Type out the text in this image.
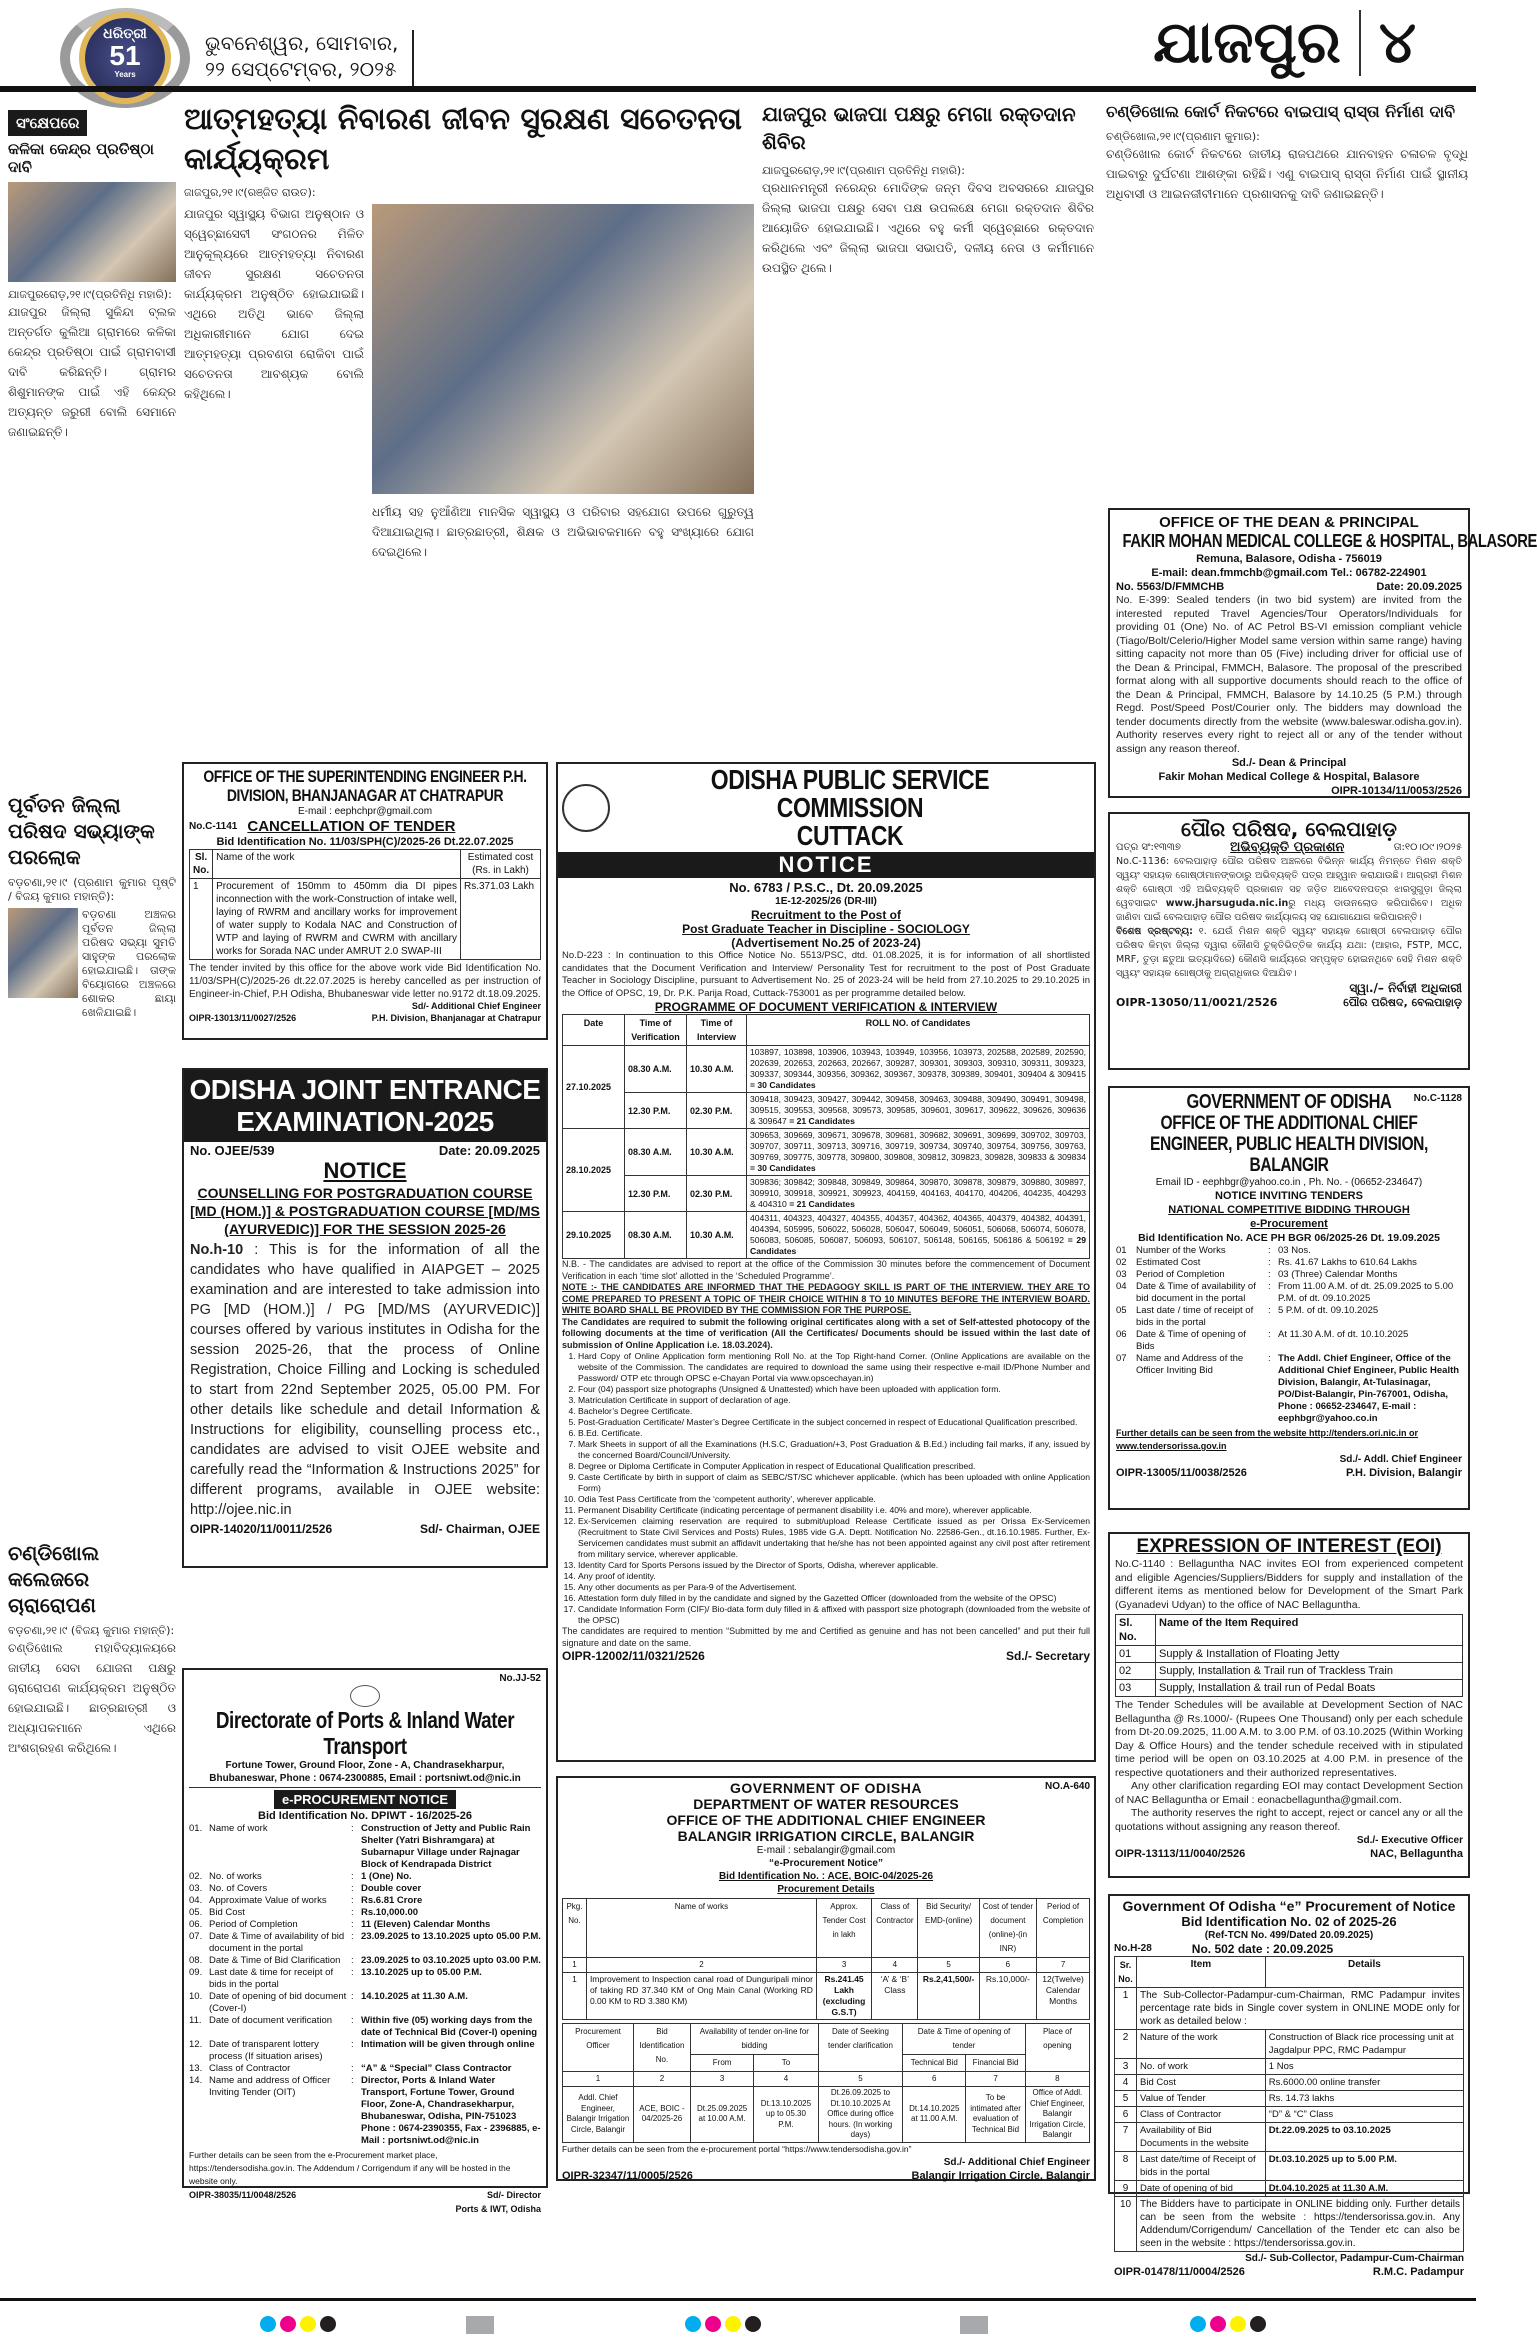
ଧରିତ୍ରୀ
51
Years
ଭୁବନେଶ୍ୱର, ସୋମବାର,
୨୨ ସେପ୍ଟେମ୍ବର, ୨୦୨୫	ଯାଜପୁର ୪
ସଂକ୍ଷେପରେ
କଳିକା କେନ୍ଦ୍ର ପ୍ରତିଷ୍ଠା ଦାବି
ଯାଜପୁରରୋଡ଼,୨୧।୯(ପ୍ରତିନିଧି ମହାରି):
ଯାଜପୁର ଜିଲ୍ଲା ସୁକିନ୍ଦା ବ୍ଲକ ଅନ୍ତର୍ଗତ କୁଲିଆ ଗ୍ରାମରେ କଳିକା କେନ୍ଦ୍ର ପ୍ରତିଷ୍ଠା ପାଇଁ ଗ୍ରାମବାସୀ ଦାବି କରିଛନ୍ତି। ଗ୍ରାମର ଶିଶୁମାନଙ୍କ ପାଇଁ ଏହି କେନ୍ଦ୍ର ଅତ୍ୟନ୍ତ ଜରୁରୀ ବୋଲି ସେମାନେ ଜଣାଇଛନ୍ତି।
ପୂର୍ବତନ ଜିଲ୍ଲା ପରିଷଦ ସଭ୍ୟାଙ୍କ ପରଲୋକ
ବଡ଼ଚଣା,୨୧।୯ (ପ୍ରଣାମ କୁମାର ପୃଷ୍ଟି / ବିଜୟ କୁମାର ମହାନ୍ତି):
ବଡ଼ଚଣା ଅଞ୍ଚଳର ପୂର୍ବତନ ଜିଲ୍ଲା ପରିଷଦ ସଭ୍ୟା ସୁମତି ସାହୁଙ୍କ ପରଲୋକ ହୋଇଯାଇଛି। ତାଙ୍କ ବିୟୋଗରେ ଅଞ୍ଚଳରେ ଶୋକର ଛାୟା ଖେଳିଯାଇଛି।
ଚଣ୍ଡିଖୋଲ କଲେଜରେ ଚାରାରୋପଣ
ବଡ଼ଚଣା,୨୧।୯ (ବିଜୟ କୁମାର ମହାନ୍ତି):
ଚଣ୍ଡିଖୋଲ ମହାବିଦ୍ୟାଳୟରେ ଜାତୀୟ ସେବା ଯୋଜନା ପକ୍ଷରୁ ଚାରାରୋପଣ କାର୍ଯ୍ୟକ୍ରମ ଅନୁଷ୍ଠିତ ହୋଇଯାଇଛି। ଛାତ୍ରଛାତ୍ରୀ ଓ ଅଧ୍ୟାପକମାନେ ଏଥିରେ ଅଂଶଗ୍ରହଣ କରିଥିଲେ।
ଆତ୍ମହତ୍ୟା ନିବାରଣ ଜୀବନ ସୁରକ୍ଷଣ ସଚେତନତା କାର୍ଯ୍ୟକ୍ରମ
ଜାଜପୁର,୨୧।୯(ରଞ୍ଜିତ ରାଉତ):
ଯାଜପୁର ସ୍ୱାସ୍ଥ୍ୟ ବିଭାଗ ଅନୁଷ୍ଠାନ ଓ ସ୍ୱେଚ୍ଛାସେବୀ ସଂଗଠନର ମିଳିତ ଆନୁକୂଲ୍ୟରେ ଆତ୍ମହତ୍ୟା ନିବାରଣ ଜୀବନ ସୁରକ୍ଷଣ ସଚେତନତା କାର୍ଯ୍ୟକ୍ରମ ଅନୁଷ୍ଠିତ ହୋଇଯାଇଛି। ଏଥିରେ ଅତିଥି ଭାବେ ଜିଲ୍ଲା ଅଧିକାରୀମାନେ ଯୋଗ ଦେଇ ଆତ୍ମହତ୍ୟା ପ୍ରବଣତା ରୋକିବା ପାଇଁ ସଚେତନତା ଆବଶ୍ୟକ ବୋଲି କହିଥିଲେ।
ଧର୍ମୀୟ ସହ ନୁଆଁଣିଆ ମାନସିକ ସ୍ୱାସ୍ଥ୍ୟ ଓ ପରିବାର ସହଯୋଗ ଉପରେ ଗୁରୁତ୍ୱ ଦିଆଯାଇଥିଲା। ଛାତ୍ରଛାତ୍ରୀ, ଶିକ୍ଷକ ଓ ଅଭିଭାବକମାନେ ବହୁ ସଂଖ୍ୟାରେ ଯୋଗ ଦେଇଥିଲେ।
ଯାଜପୁର ଭାଜପା ପକ୍ଷରୁ ମେଗା ରକ୍ତଦାନ ଶିବିର
ଯାଜପୁରରୋଡ଼,୨୧।୯(ପ୍ରଣାମ ପ୍ରତିନିଧି ମହାରି):
ପ୍ରଧାନମନ୍ତ୍ରୀ ନରେନ୍ଦ୍ର ମୋଦିଙ୍କ ଜନ୍ମ ଦିବସ ଅବସରରେ ଯାଜପୁର ଜିଲ୍ଲା ଭାଜପା ପକ୍ଷରୁ ସେବା ପକ୍ଷ ଉପଲକ୍ଷେ ମେଗା ରକ୍ତଦାନ ଶିବିର ଆୟୋଜିତ ହୋଇଯାଇଛି। ଏଥିରେ ବହୁ କର୍ମୀ ସ୍ୱେଚ୍ଛାରେ ରକ୍ତଦାନ କରିଥିଲେ ଏବଂ ଜିଲ୍ଲା ଭାଜପା ସଭାପତି, ଦଳୀୟ ନେତା ଓ କର୍ମୀମାନେ ଉପସ୍ଥିତ ଥିଲେ।
ଚଣ୍ଡିଖୋଲ କୋର୍ଟ ନିକଟରେ ବାଇପାସ୍ ରାସ୍ତା ନିର୍ମାଣ ଦାବି
ଚଣ୍ଡିଖୋଲ,୨୧।୯(ପ୍ରଣାମ କୁମାର):
ଚଣ୍ଡିଖୋଲ କୋର୍ଟ ନିକଟରେ ଜାତୀୟ ରାଜପଥରେ ଯାନବାହନ ଚଳାଚଳ ବୃଦ୍ଧି ପାଇବାରୁ ଦୁର୍ଘଟଣା ଆଶଙ୍କା ରହିଛି। ଏଣୁ ବାଇପାସ୍ ରାସ୍ତା ନିର୍ମାଣ ପାଇଁ ସ୍ଥାନୀୟ ଅଧିବାସୀ ଓ ଆଇନଜୀବୀମାନେ ପ୍ରଶାସନକୁ ଦାବି ଜଣାଇଛନ୍ତି।
OFFICE OF THE DEAN & PRINCIPAL
FAKIR MOHAN MEDICAL COLLEGE & HOSPITAL, BALASORE
Remuna, Balasore, Odisha - 756019
E-mail: dean.fmmchb@gmail.com Tel.: 06782-224901
No. 5563/D/FMMCHB	Date: 20.09.2025
No. E-399: Sealed tenders (in two bid system) are invited from the interested reputed Travel Agencies/Tour Operators/Individuals for providing 01 (One) No. of AC Petrol BS-VI emission compliant vehicle (Tiago/Bolt/Celerio/Higher Model same version within same range) having sitting capacity not more than 05 (Five) including driver for official use of the Dean & Principal, FMMCH, Balasore. The proposal of the prescribed format along with all supportive documents should reach to the office of the Dean & Principal, FMMCH, Balasore by 14.10.25 (5 P.M.) through Regd. Post/Speed Post/Courier only. The bidders may download the tender documents directly from the website (www.baleswar.odisha.gov.in). Authority reserves every right to reject all or any of the tender without assign any reason thereof.
Sd./- Dean & Principal
Fakir Mohan Medical College & Hospital, Balasore
OIPR-10134/11/0053/2526
OFFICE OF THE SUPERINTENDING ENGINEER P.H. DIVISION, BHANJANAGAR AT CHATRAPUR
E-mail : eephchpr@gmail.com
No.C-1141 CANCELLATION OF TENDER
Bid Identification No. 11/03/SPH(C)/2025-26 Dt.22.07.2025
Sl. No.	Name of the work	Estimated cost (Rs. in Lakh)
1	Procurement of 150mm to 450mm dia DI pipes inconnection with the work-Construction of intake well, laying of RWRM and ancillary works for improvement of water supply to Kodala NAC and Construction of WTP and laying of RWRM and CWRM with ancillary works for Sorada NAC under AMRUT 2.0 SWAP-III	Rs.371.03 Lakh
The tender invited by this office for the above work vide Bid Identification No. 11/03/SPH(C)/2025-26 dt.22.07.2025 is hereby cancelled as per instruction of Engineer-in-Chief, P.H Odisha, Bhubaneswar vide letter no.9172 dt.18.09.2025.
Sd/- Additional Chief Engineer
OIPR-13013/11/0027/2526	P.H. Division, Bhanjanagar at Chatrapur
ODISHA JOINT ENTRANCE EXAMINATION-2025
No. OJEE/539	Date: 20.09.2025
NOTICE
COUNSELLING FOR POSTGRADUATION COURSE [MD (HOM.)] & POSTGRADUATION COURSE [MD/MS (AYURVEDIC)] FOR THE SESSION 2025-26
No.h-10 : This is for the information of all the candidates who have qualified in AIAPGET – 2025 examination and are interested to take admission into PG [MD (HOM.)] / PG [MD/MS (AYURVEDIC)] courses offered by various institutes in Odisha for the session 2025-26, that the process of Online Registration, Choice Filling and Locking is scheduled to start from 22nd September 2025, 05.00 PM. For other details like schedule and detail Information & Instructions for eligibility, counselling process etc., candidates are advised to visit OJEE website and carefully read the “Information & Instructions 2025” for different programs, available in OJEE website: http://ojee.nic.in
OIPR-14020/11/0011/2526	Sd/- Chairman, OJEE
No.JJ-52
Directorate of Ports & Inland Water Transport
Fortune Tower, Ground Floor, Zone - A, Chandrasekharpur,
Bhubaneswar, Phone : 0674-2300885, Email : portsniwt.od@nic.in
e-PROCUREMENT NOTICE
Bid Identification No. DPIWT - 16/2025-26
01. Name of work	: Construction of Jetty and Public Rain Shelter (Yatri Bishramgara) at Subarnapur Village under Rajnagar Block of Kendrapada District
02. No. of works	: 1 (One) No.
03. No. of Covers	: Double cover
04. Approximate Value of works	: Rs.6.81 Crore
05. Bid Cost	: Rs.10,000.00
06. Period of Completion	: 11 (Eleven) Calendar Months
07. Date & Time of availability of bid document in the portal
: 23.09.2025 to 13.10.2025 upto 05.00 P.M.
08. Date & Time of Bid Clarification	: 23.09.2025 to 03.10.2025 upto 03.00 P.M.
09. Last date & time for receipt of bids in the portal
: 13.10.2025 up to 05.00 P.M.
10. Date of opening of bid document (Cover-I)
: 14.10.2025 at 11.30 A.M.
11. Date of document verification	: Within five (05) working days from the date of Technical Bid (Cover-I) opening
12. Date of transparent lottery process (If situation arises)
: Intimation will be given through online
13. Class of Contractor	: “A” & “Special” Class Contractor
14. Name and address of Officer Inviting Tender (OIT)
: Director, Ports & Inland Water Transport, Fortune Tower, Ground Floor, Zone-A, Chandrasekharpur, Bhubaneswar, Odisha, PIN-751023 Phone : 0674-2390355, Fax - 2396885, e-Mail : portsniwt.od@nic.in
Further details can be seen from the e-Procurement market place, https://tendersodisha.gov.in. The Addendum / Corrigendum if any will be hosted in the website only.
OIPR-38035/11/0048/2526	Sd/- Director
Ports & IWT, Odisha
ODISHA PUBLIC SERVICE COMMISSION
CUTTACK
NOTICE
No. 6783 / P.S.C., Dt. 20.09.2025
1E-12-2025/26 (DR-III)
Recruitment to the Post of
Post Graduate Teacher in Discipline - SOCIOLOGY
(Advertisement No.25 of 2023-24)
No.D-223 : In continuation to this Office Notice No. 5513/PSC, dtd. 01.08.2025, it is for information of all shortlisted candidates that the Document Verification and Interview/ Personality Test for recruitment to the post of Post Graduate Teacher in Sociology Discipline, pursuant to Advertisement No. 25 of 2023-24 will be held from 27.10.2025 to 29.10.2025 in the Office of OPSC, 19, Dr. P.K. Parija Road, Cuttack-753001 as per programme detailed below.
PROGRAMME OF DOCUMENT VERIFICATION & INTERVIEW
Date	Time of Verification	Time of Interview	ROLL NO. of Candidates
27.10.2025	08.30 A.M.	10.30 A.M.	103897, 103898, 103906, 103943, 103949, 103956, 103973, 202588, 202589, 202590, 202639, 202653, 202663, 202667, 309287, 309301, 309303, 309310, 309311, 309323, 309337, 309344, 309356, 309362, 309367, 309378, 309389, 309401, 309404 & 309415 = 30 Candidates
	12.30 P.M.	02.30 P.M.	309418, 309423, 309427, 309442, 309458, 309463, 309488, 309490, 309491, 309498, 309515, 309553, 309568, 309573, 309585, 309601, 309617, 309622, 309626, 309636 & 309647 = 21 Candidates
28.10.2025	08.30 A.M.	10.30 A.M.	309653, 309669, 309671, 309678, 309681, 309682, 309691, 309699, 309702, 309703, 309707, 309711, 309713, 309716, 309719, 309734, 309740, 309754, 309756, 309763, 309769, 309775, 309778, 309800, 309808, 309812, 309823, 309828, 309833 & 309834 = 30 Candidates
	12.30 P.M.	02.30 P.M.	309836; 309842; 309848, 309849, 309864, 309870, 309878, 309879, 309880, 309897, 309910, 309918, 309921, 309923, 404159, 404163, 404170, 404206, 404235, 404293 & 404310 = 21 Candidates
29.10.2025	08.30 A.M.	10.30 A.M.	404311, 404323, 404327, 404355, 404357, 404362, 404365, 404379, 404382, 404391, 404394, 505995, 506022, 506028, 506047, 506049, 506051, 506068, 506074, 506078, 506083, 506085, 506087, 506093, 506107, 506148, 506165, 506186 & 506192 = 29 Candidates
N.B. - The candidates are advised to report at the office of the Commission 30 minutes before the commencement of Document Verification in each ‘time slot’ allotted in the ‘Scheduled Programme’.
NOTE :- THE CANDIDATES ARE INFORMED THAT THE PEDAGOGY SKILL IS PART OF THE INTERVIEW. THEY ARE TO COME PREPARED TO PRESENT A TOPIC OF THEIR CHOICE WITHIN 8 TO 10 MINUTES BEFORE THE INTERVIEW BOARD. WHITE BOARD SHALL BE PROVIDED BY THE COMMISSION FOR THE PURPOSE.
The Candidates are required to submit the following original certificates along with a set of Self-attested photocopy of the following documents at the time of verification (All the Certificates/ Documents should be issued within the last date of submission of Online Application i.e. 18.03.2024).
1. Hard Copy of Online Application form mentioning Roll No. at the Top Right-hand Corner. (Online Applications are available on the website of the Commission. The candidates are required to download the same using their respective e-mail ID/Phone Number and Password/ OTP etc through OPSC e-Chayan Portal via www.opscechayan.in)
2. Four (04) passport size photographs (Unsigned & Unattested) which have been uploaded with application form.
3. Matriculation Certificate in support of declaration of age.
4. Bachelor’s Degree Certificate.
5. Post-Graduation Certificate/ Master’s Degree Certificate in the subject concerned in respect of Educational Qualification prescribed.
6. B.Ed. Certificate.
7. Mark Sheets in support of all the Examinations (H.S.C, Graduation/+3, Post Graduation & B.Ed.) including fail marks, if any, issued by the concerned Board/Council/University.
8. Degree or Diploma Certificate in Computer Application in respect of Educational Qualification prescribed.
9. Caste Certificate by birth in support of claim as SEBC/ST/SC whichever applicable. (which has been uploaded with online Application Form)
10. Odia Test Pass Certificate from the ‘competent authority’, wherever applicable.
11. Permanent Disability Certificate (indicating percentage of permanent disability i.e. 40% and more), wherever applicable.
12. Ex-Servicemen claiming reservation are required to submit/upload Release Certificate issued as per Orissa Ex-Servicemen (Recruitment to State Civil Services and Posts) Rules, 1985 vide G.A. Deptt. Notification No. 22586-Gen., dt.16.10.1985. Further, Ex-Servicemen candidates must submit an affidavit undertaking that he/she has not been appointed against any civil post after retirement from military service, wherever applicable.
13. Identity Card for Sports Persons issued by the Director of Sports, Odisha, wherever applicable.
14. Any proof of identity.
15. Any other documents as per Para-9 of the Advertisement.
16. Attestation form duly filled in by the candidate and signed by the Gazetted Officer (downloaded from the website of the OPSC)
17. Candidate Information Form (CIF)/ Bio-data form duly filled in & affixed with passport size photograph (downloaded from the website of the OPSC)
The candidates are required to mention “Submitted by me and Certified as genuine and has not been cancelled” and put their full signature and date on the same.
OIPR-12002/11/0321/2526	Sd./- Secretary
NO.A-640
GOVERNMENT OF ODISHA
DEPARTMENT OF WATER RESOURCES
OFFICE OF THE ADDITIONAL CHIEF ENGINEER
BALANGIR IRRIGATION CIRCLE, BALANGIR
E-mail : sebalangir@gmail.com
“e-Procurement Notice”
Bid Identification No. : ACE, BOIC-04/2025-26
Procurement Details
Pkg. No.	Name of works	Approx. Tender Cost in lakh	Class of Contractor	Bid Security/ EMD-(online)	Cost of tender document (online)-(in INR)	Period of Completion
1	2	3	4	5	6	7
1	Improvement to Inspection canal road of Dunguripali minor of taking RD 37.340 KM of Ong Main Canal (Working RD 0.00 KM to RD 3.380 KM)	Rs.241.45 Lakh (excluding G.S.T)	‘A’ & ‘B’ Class	Rs.2,41,500/-	Rs.10,000/-	12(Twelve) Calendar Months
Procurement Officer	Bid Identification No.	Availability of tender on-line for bidding		Date of Seeking tender clarification	Date & Time of opening of tender		Place of opening
		From	To		Technical Bid	Financial Bid	
1	2	3	4	5	6	7	8
Addl. Chief Engineer, Balangir Irrigation Circle, Balangir	ACE, BOIC - 04/2025-26	Dt.25.09.2025 at 10.00 A.M.	Dt.13.10.2025 up to 05.30 P.M.	Dt.26.09.2025 to Dt.10.10.2025 At Office during office hours. (In working days)	Dt.14.10.2025 at 11.00 A.M.	To be intimated after evaluation of Technical Bid	Office of Addl. Chief Engineer, Balangir Irrigation Circle, Balangir
Further details can be seen from the e-procurement portal “https://www.tendersodisha.gov.in”
Sd./- Additional Chief Engineer
OIPR-32347/11/0005/2526	Balangir Irrigation Circle, Balangir
ପୌର ପରିଷଦ, ବେଲପାହାଡ଼
ପତ୍ର ସଂ:୧୩୩୭	ଅଭିବ୍ୟକ୍ତି ପ୍ରକାଶନ	ତା:୧୦।୦୯।୨୦୨୫
No.C-1136: ବେଲପାହାଡ଼ ପୌର ପରିଷଦ ଅଞ୍ଚଳରେ ବିଭିନ୍ନ କାର୍ଯ୍ୟ ନିମନ୍ତେ ମିଶନ ଶକ୍ତି ସ୍ୱୟଂ ସହାୟକ ଗୋଷ୍ଠୀମାନଙ୍କଠାରୁ ଅଭିବ୍ୟକ୍ତି ପତ୍ର ଆହ୍ୱାନ କରାଯାଉଛି। ଆଗ୍ରହୀ ମିଶନ ଶକ୍ତି ଗୋଷ୍ଠୀ ଏହି ଅଭିବ୍ୟକ୍ତି ପ୍ରକାଶନ ସହ ଜଡ଼ିତ ଆବେଦନପତ୍ର ଝାରସୁଗୁଡ଼ା ଜିଲ୍ଲା ୱେବସାଇଟ www.jharsuguda.nic.inରୁ ମଧ୍ୟ ଡାଉନଲୋଡ କରିପାରିବେ। ଅଧିକ ଜାଣିବା ପାଇଁ ବେଲପାହାଡ଼ ପୌର ପରିଷଦ କାର୍ଯ୍ୟାଳୟ ସହ ଯୋଗାଯୋଗ କରିପାରନ୍ତି।
ବିଶେଷ ଦ୍ରଷ୍ଟବ୍ୟ: ୧. ଯେଉଁ ମିଶନ ଶକ୍ତି ସ୍ୱୟଂ ସହାୟକ ଗୋଷ୍ଠୀ ବେଲପାହାଡ଼ ପୌର ପରିଷଦ କିମ୍ବା ଜିଲ୍ଲା ଦ୍ୱାରା କୌଣସି ଚୁକ୍ତିଭିତ୍ତିକ କାର୍ଯ୍ୟ ଯଥା: (ଆହାର, FSTP, MCC, MRF, ତୁଡ଼ା ଛତୁଆ ଇତ୍ୟାଦିରେ) କୌଣସି କାର୍ଯ୍ୟରେ ସମ୍ପୃକ୍ତ ହୋଇନଥିବେ ସେହି ମିଶନ ଶକ୍ତି ସ୍ୱୟଂ ସହାୟକ ଗୋଷ୍ଠୀକୁ ଅଗ୍ରାଧିକାର ଦିଆଯିବ।
ସ୍ୱା./– ନିର୍ବାହୀ ଅଧିକାରୀ
OIPR-13050/11/0021/2526	ପୌର ପରିଷଦ, ବେଲପାହାଡ଼
No.C-1128
GOVERNMENT OF ODISHA
OFFICE OF THE ADDITIONAL CHIEF ENGINEER, PUBLIC HEALTH DIVISION, BALANGIR
Email ID - eephbgr@yahoo.co.in , Ph. No. - (06652-234647)
NOTICE INVITING TENDERS
NATIONAL COMPETITIVE BIDDING THROUGH
e-Procurement
Bid Identification No. ACE PH BGR 06/2025-26 Dt. 19.09.2025
01 Number of the Works	: 03 Nos.
02 Estimated Cost	: Rs. 41.67 Lakhs to 610.64 Lakhs
03 Period of Completion	: 03 (Three) Calendar Months
04 Date & Time of availability of bid document in the portal
: From 11.00 A.M. of dt. 25.09.2025 to 5.00 P.M. of dt. 09.10.2025
05 Last date / time of receipt of bids in the portal
: 5 P.M. of dt. 09.10.2025
06 Date & Time of opening of Bids
: At 11.30 A.M. of dt. 10.10.2025
07 Name and Address of the Officer Inviting Bid
: The Addl. Chief Engineer, Office of the Additional Chief Engineer, Public Health Division, Balangir, At-Tulasinagar, PO/Dist-Balangir, Pin-767001, Odisha, Phone : 06652-234647, E-mail : eephbgr@yahoo.co.in
Further details can be seen from the website http://tenders.ori.nic.in or www.tendersorissa.gov.in
Sd./- Addl. Chief Engineer
OIPR-13005/11/0038/2526	P.H. Division, Balangir
EXPRESSION OF INTEREST (EOI)
No.C-1140 : Bellaguntha NAC invites EOI from experienced competent and eligible Agencies/Suppliers/Bidders for supply and installation of the different items as mentioned below for Development of the Smart Park (Gyanadevi Udyan) to the office of NAC Bellaguntha.
Sl. No.	Name of the Item Required
01	Supply & Installation of Floating Jetty
02	Supply, Installation & Trail run of Trackless Train
03	Supply, Installation & trail run of Pedal Boats
The Tender Schedules will be available at Development Section of NAC Bellaguntha @ Rs.1000/- (Rupees One Thousand) only per each schedule from Dt-20.09.2025, 11.00 A.M. to 3.00 P.M. of 03.10.2025 (Within Working Day & Office Hours) and the tender schedule received with in stipulated time period will be open on 03.10.2025 at 4.00 P.M. in presence of the respective quotationers and their authorized representatives.
Any other clarification regarding EOI may contact Development Section of NAC Bellaguntha or Email : eonacbellaguntha@gmail.com.
The authority reserves the right to accept, reject or cancel any or all the quotations without assigning any reason thereof.
Sd./- Executive Officer
OIPR-13113/11/0040/2526	NAC, Bellaguntha
Government Of Odisha “e” Procurement of Notice
Bid Identification No. 02 of 2025-26
(Ref-TCN No. 499/Dated 20.09.2025)
No.H-28	No. 502 date : 20.09.2025
Sr. No.	Item	Details
1	The Sub-Collector-Padampur-cum-Chairman, RMC Padampur invites percentage rate bids in Single cover system in ONLINE MODE only for work as detailed below :	
2	Nature of the work	Construction of Black rice processing unit at Jagdalpur PPC, RMC Padampur
3	No. of work	1 Nos
4	Bid Cost	Rs.6000.00 online transfer
5	Value of Tender	Rs. 14.73 lakhs
6	Class of Contractor	“D” & “C” Class
7	Availability of Bid Documents in the website	Dt.22.09.2025 to 03.10.2025
8	Last date/time of Receipt of bids in the portal	Dt.03.10.2025 up to 5.00 P.M.
9	Date of opening of bid	Dt.04.10.2025 at 11.30 A.M.
10	The Bidders have to participate in ONLINE bidding only. Further details can be seen from the website : https://tendersorissa.gov.in. Any Addendum/Corrigendum/ Cancellation of the Tender etc can also be seen in the website : https://tendersorissa.gov.in.	
Sd./- Sub-Collector, Padampur-Cum-Chairman
OIPR-01478/11/0004/2526	R.M.C. Padampur
